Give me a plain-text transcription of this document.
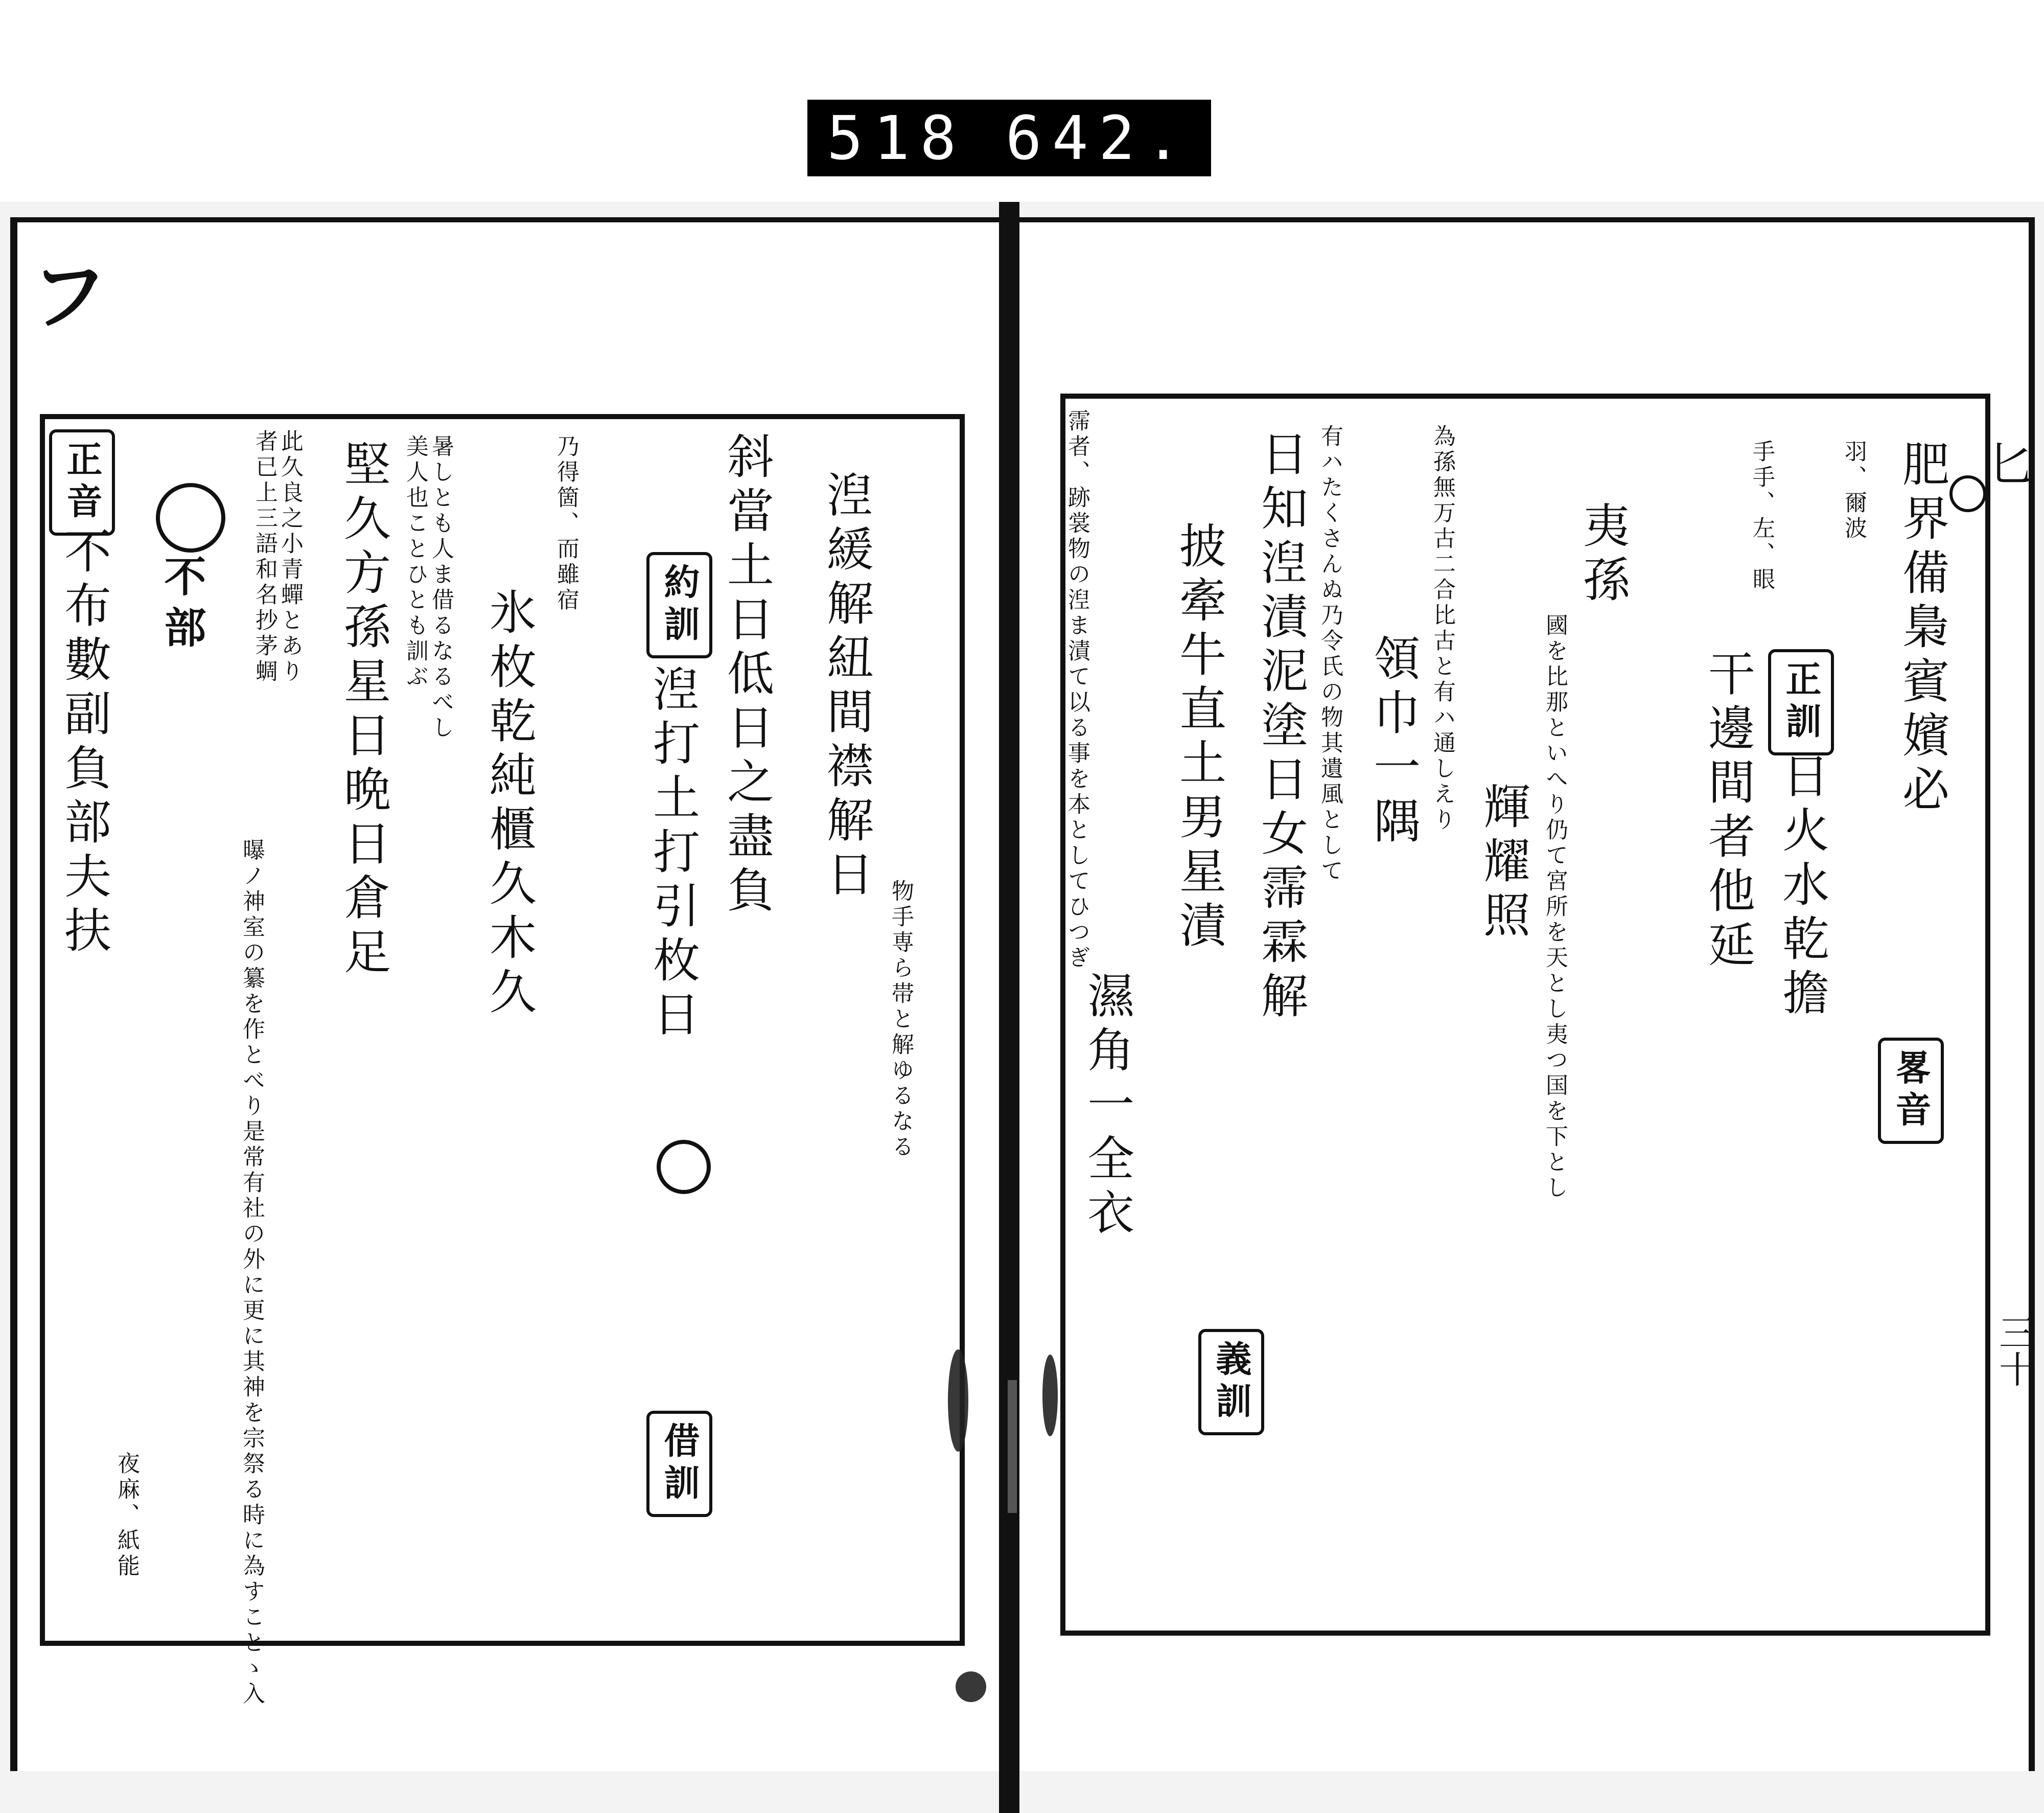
518 642.
フ
匕
三十
不部
正音
約訓
借訓
不布數副負部夫扶
夜麻、紙能
者已上三語和名抄茅蜩 此久良之小青蟬とあり 堅久方孫星日晩日倉足 美人也ことひとも訓ぶ 暑しとも人ま借るなるべし 氷枚乾純櫃久木久
乃得箇、而雖宿	斜當土日低日之盡負
湼打土打引枚日	湼緩解紐間襟解日
物手専ら帯と解ゆるなる
曝ノ神室の纂を作とべり是常有社の外に更に其神を宗祭る時に為すことゝ入
正訓
畧音
義訓
肥界備梟賓嬪必
羽、爾波
干邊間者他延 日火水乾擔
手手、左、眼
夷孫
國を比那といへり仍て宮所を天とし夷つ国を下とし
輝耀照
為孫無万古二合比古と有ハ通しえり
領巾一隅
有ハたくさんぬ乃令氏の物其遺風として
日知湼漬泥塗日女霈霖解
披牽牛直土男星漬
濕角一全衣
霈者、跡裳物の湼ま漬て以る事を本としてひつぎ
